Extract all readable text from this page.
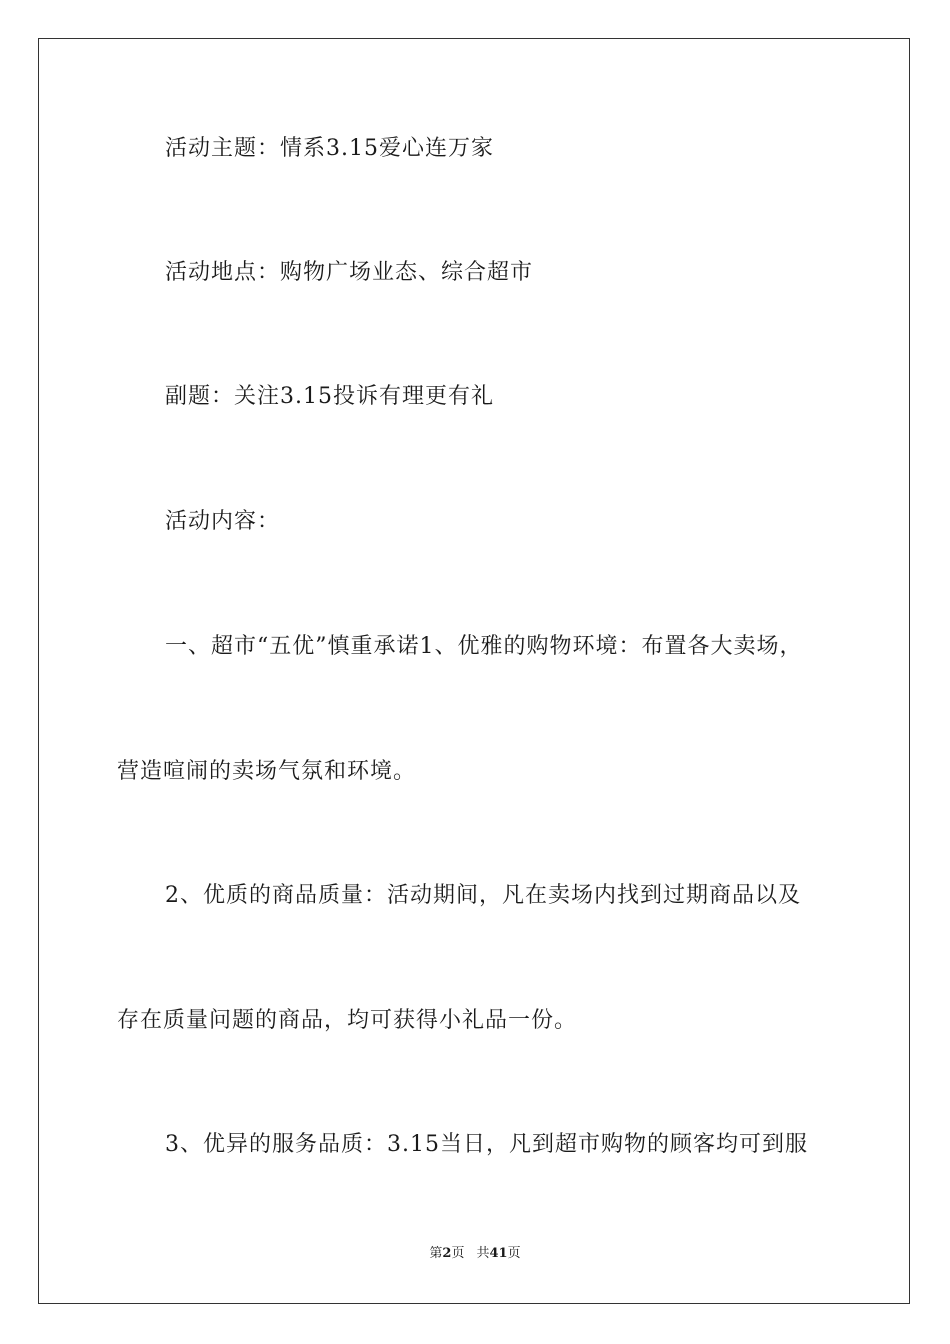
活动主题：情系3.15爱心连万家
活动地点：购物广场业态、综合超市
副题：关注3.15投诉有理更有礼
活动内容：
一、超市“五优”慎重承诺1、优雅的购物环境：布置各大卖场，
营造喧闹的卖场气氛和环境。
2、优质的商品质量：活动期间，凡在卖场内找到过期商品以及
存在质量问题的商品，均可获得小礼品一份。
3、优异的服务品质：3.15当日，凡到超市购物的顾客均可到服
第2页 共41页
